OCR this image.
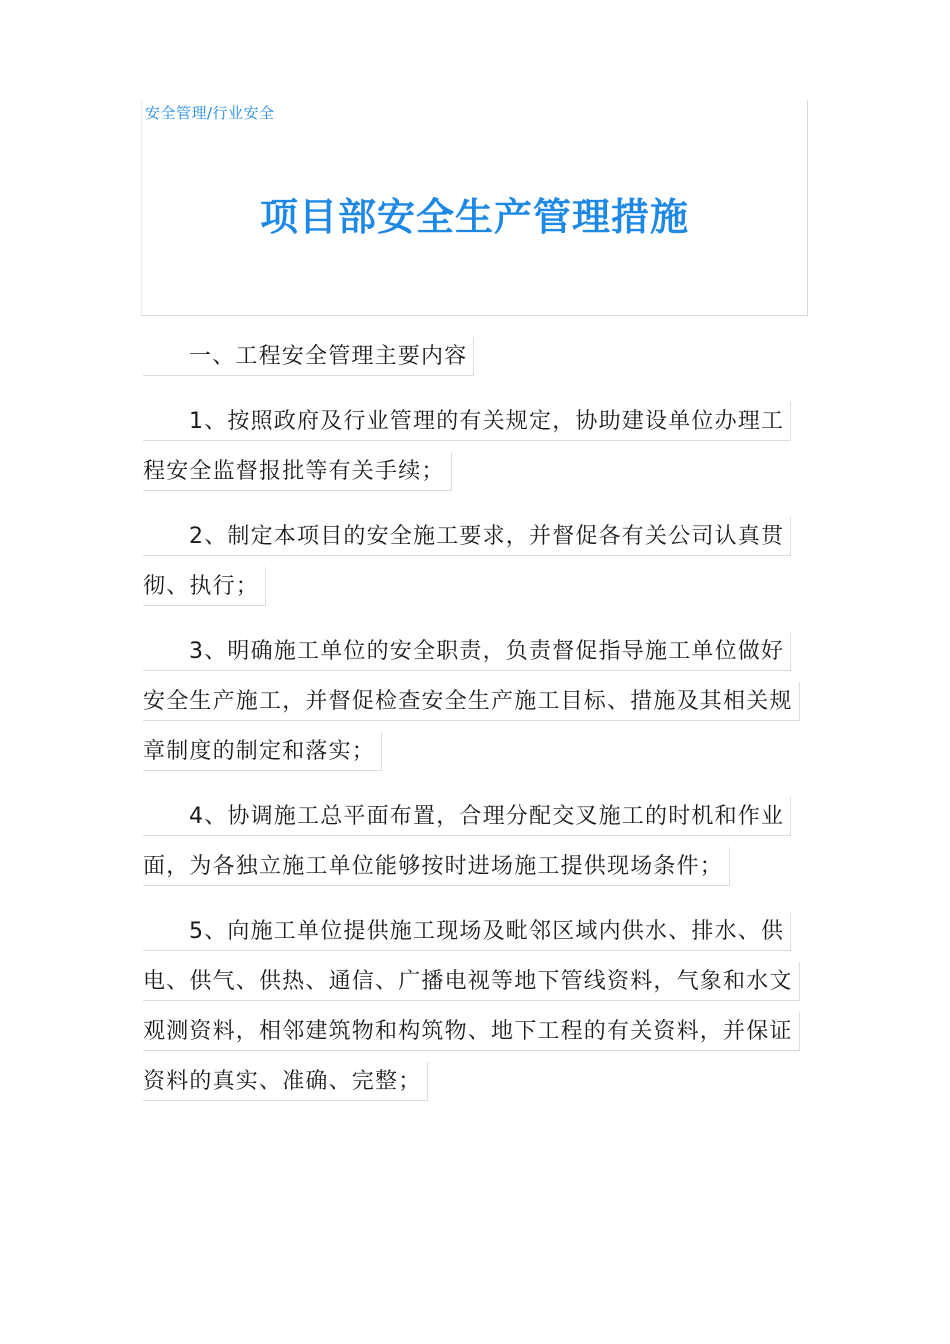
安全管理/行业安全
项目部安全生产管理措施
一、工程安全管理主要内容
1、按照政府及行业管理的有关规定，协助建设单位办理工
程安全监督报批等有关手续；
2、制定本项目的安全施工要求，并督促各有关公司认真贯
彻、执行；
3、明确施工单位的安全职责，负责督促指导施工单位做好
安全生产施工，并督促检查安全生产施工目标、措施及其相关规
章制度的制定和落实；
4、协调施工总平面布置，合理分配交叉施工的时机和作业
面，为各独立施工单位能够按时进场施工提供现场条件；
5、向施工单位提供施工现场及毗邻区域内供水、排水、供
电、供气、供热、通信、广播电视等地下管线资料，气象和水文
观测资料，相邻建筑物和构筑物、地下工程的有关资料，并保证
资料的真实、准确、完整；
